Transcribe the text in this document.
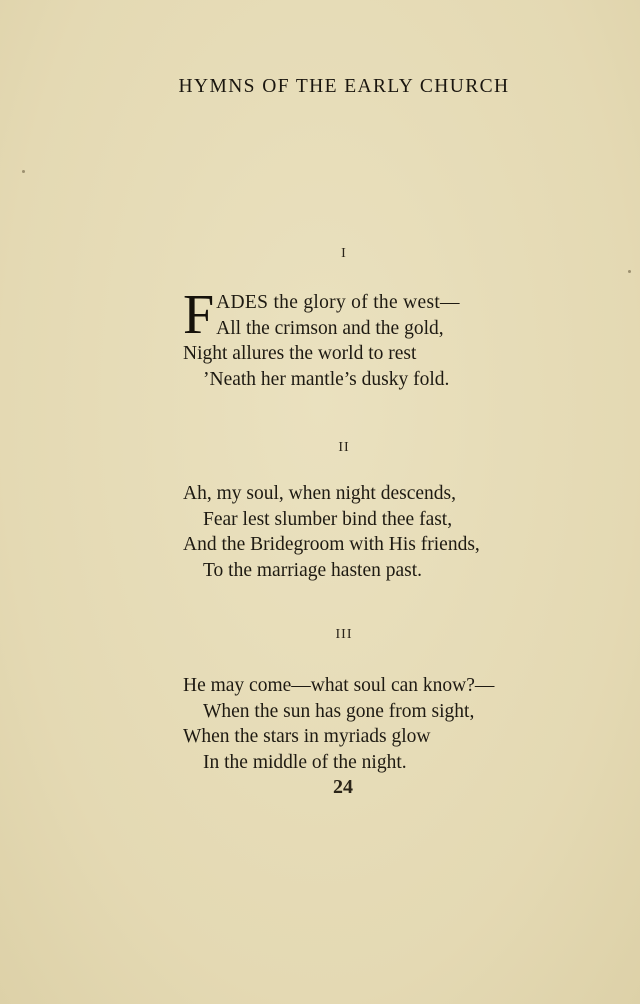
HYMNS OF THE EARLY CHURCH
I
F ADES the glory of the west—
All the crimson and the gold,
Night allures the world to rest
’Neath her mantle’s dusky fold.
II
Ah, my soul, when night descends,
Fear lest slumber bind thee fast,
And the Bridegroom with His friends,
To the marriage hasten past.
III
He may come—what soul can know?—
When the sun has gone from sight,
When the stars in myriads glow
In the middle of the night.
24
